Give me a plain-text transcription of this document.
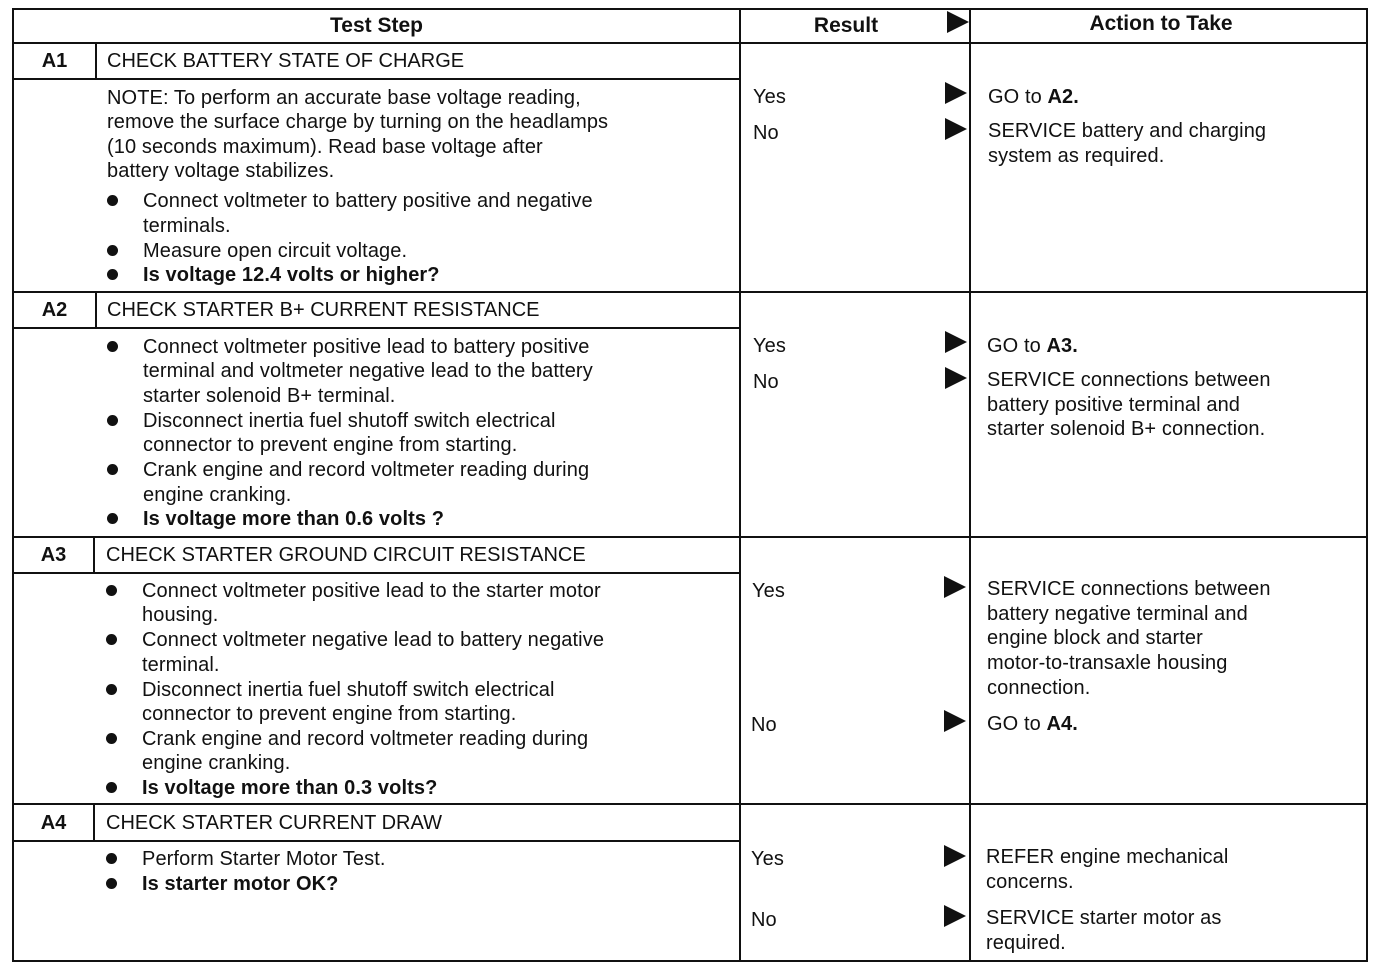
Test Step	Result	Action to Take
A1	CHECK BATTERY STATE OF CHARGE
NOTE: To perform an accurate base voltage reading,
remove the surface charge by turning on the headlamps
(10 seconds maximum). Read base voltage after
battery voltage stabilizes.
Connect voltmeter to battery positive and negative
terminals.
Measure open circuit voltage.
Is voltage 12.4 volts or higher?
Yes	GO to A2.
No	SERVICE battery and charging
system as required.
A2	CHECK STARTER B+ CURRENT RESISTANCE
Connect voltmeter positive lead to battery positive
terminal and voltmeter negative lead to the battery
starter solenoid B+ terminal.
Disconnect inertia fuel shutoff switch electrical
connector to prevent engine from starting.
Crank engine and record voltmeter reading during
engine cranking.
Is voltage more than 0.6 volts ?
Yes	GO to A3.
No	SERVICE connections between
battery positive terminal and
starter solenoid B+ connection.
A3	CHECK STARTER GROUND CIRCUIT RESISTANCE
Connect voltmeter positive lead to the starter motor
housing.
Connect voltmeter negative lead to battery negative
terminal.
Disconnect inertia fuel shutoff switch electrical
connector to prevent engine from starting.
Crank engine and record voltmeter reading during
engine cranking.
Is voltage more than 0.3 volts?
Yes	SERVICE connections between
battery negative terminal and
engine block and starter
motor-to-transaxle housing
connection.
No	GO to A4.
A4	CHECK STARTER CURRENT DRAW
Perform Starter Motor Test.
Is starter motor OK?
Yes	REFER engine mechanical
concerns.
No	SERVICE starter motor as
required.
